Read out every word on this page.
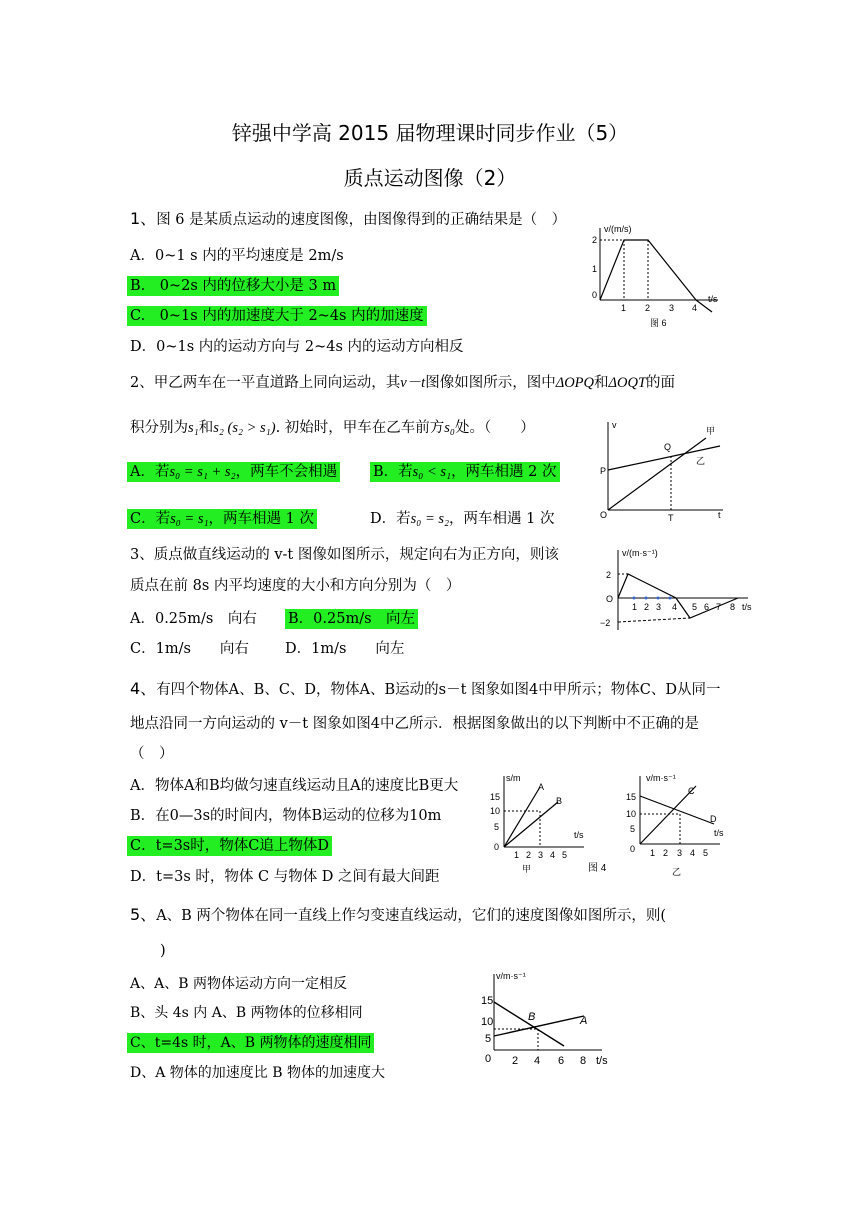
锌强中学高 2015 届物理课时同步作业（5）
质点运动图像（2）
1、图 6 是某质点运动的速度图像，由图像得到的正确结果是（　）
A．0~1 s 内的平均速度是 2m/s
B.　0~2s 内的位移大小是 3 m
C.　0~1s 内的加速度大于 2~4s 内的加速度
D．0~1s 内的运动方向与 2~4s 内的运动方向相反
v/(m/s)
2
1
0
1 2 3 4
t/s
图 6
2、甲乙两车在一平直道路上同向运动，其v－t图像如图所示，图中ΔOPQ和ΔOQT的面
积分别为s₁和s₂ (s₂ > s₁). 初始时，甲车在乙车前方s₀处。（　　）
A．若s₀ = s₁ + s₂，两车不会相遇 B．若s₀ < s₁，两车相遇 2 次
C．若s₀ = s₁，两车相遇 1 次	D．若s₀ = s₂，两车相遇 1 次
v
Q
甲
乙
P
O	T	t
3、质点做直线运动的 v-t 图像如图所示，规定向右为正方向，则该
质点在前 8s 内平均速度的大小和方向分别为（　）
A．0.25m/s　向右 B．0.25m/s　向左
C．1m/s　　向右 D．1m/s　　向左
v/(m·s⁻¹)
2
O
−2
1 2 3 4 5 6 7 8 t/s
4、有四个物体A、B、C、D，物体A、B运动的s－t 图象如图4中甲所示；物体C、D从同一
地点沿同一方向运动的 v－t 图象如图4中乙所示．根据图象做出的以下判断中不正确的是
（　）
A．物体A和B均做匀速直线运动且A的速度比B更大
B．在0—3s的时间内，物体B运动的位移为10m
C．t=3s时，物体C追上物体D
D．t=3s 时，物体 C 与物体 D 之间有最大间距
s/m
A
B
15
10
5
0
1 2 3 4 5
t/s
甲	图 4
v/m·s⁻¹
C
D
15
10
5
0 1 2 3 4 5
t/s
乙
5、A、B 两个物体在同一直线上作匀变速直线运动，它们的速度图像如图所示，则(
)
A、A、B 两物体运动方向一定相反
B、头 4s 内 A、B 两物体的位移相同
C、t=4s 时，A、B 两物体的速度相同
D、A 物体的加速度比 B 物体的加速度大
v/m·s⁻¹
B	A
15
10
5
0 2 4 6 8 t/s
